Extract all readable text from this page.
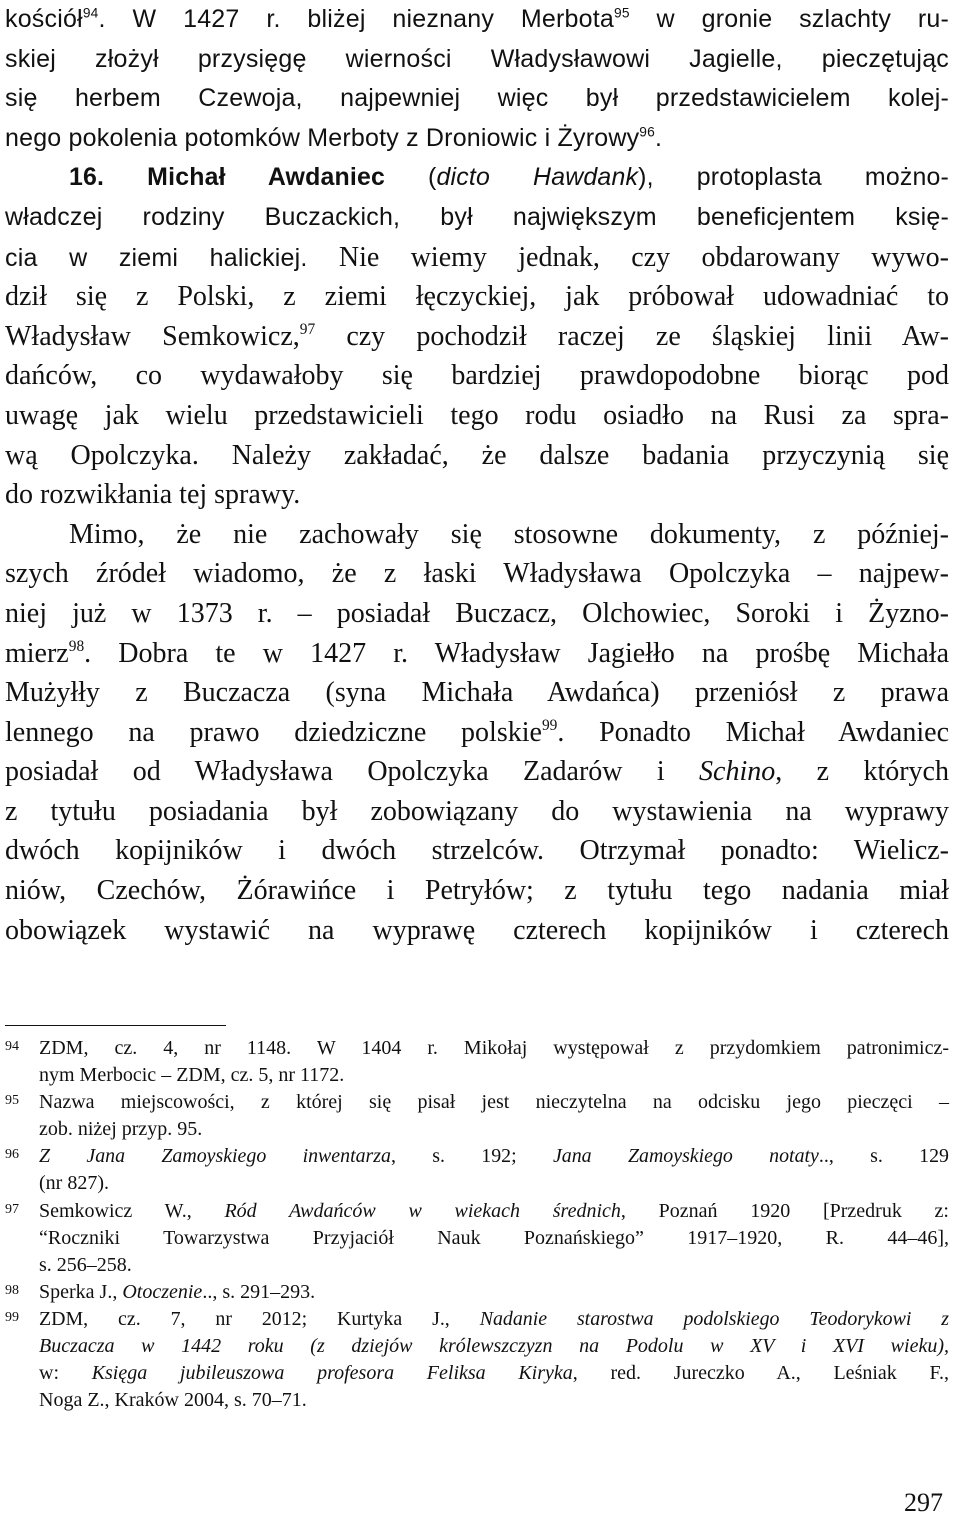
kościół$^{94}$. W 1427 r. bliżej nieznany Merbota$^{95}$ w gronie szlachty ru-
skiej złożył przysięgę wierności Władysławowi Jagielle, pieczętując
się herbem Czewoja, najpewniej więc był przedstawicielem kolej-
nego pokolenia potomków Merboty z Droniowic i Żyrowy$^{96}$.
16. Michał Awdaniec (dicto Hawdank), protoplasta możno-
władczej rodziny Buczackich, był największym beneficjentem księ-
cia w ziemi halickiej. Nie wiemy jednak, czy obdarowany wywo-
dził się z Polski, z ziemi łęczyckiej, jak próbował udowadniać to
Władysław Semkowicz,$^{97}$ czy pochodził raczej ze śląskiej linii Aw-
dańców, co wydawałoby się bardziej prawdopodobne biorąc pod
uwagę jak wielu przedstawicieli tego rodu osiadło na Rusi za spra-
wą Opolczyka. Należy zakładać, że dalsze badania przyczynią się
do rozwikłania tej sprawy.
Mimo, że nie zachowały się stosowne dokumenty, z później-
szych źródeł wiadomo, że z łaski Władysława Opolczyka – najpew-
niej już w 1373 r. – posiadał Buczacz, Olchowiec, Soroki i Żyzno-
mierz$^{98}$. Dobra te w 1427 r. Władysław Jagiełło na prośbę Michała
Mużyłły z Buczacza (syna Michała Awdańca) przeniósł z prawa
lennego na prawo dziedziczne polskie$^{99}$. Ponadto Michał Awdaniec
posiadał od Władysława Opolczyka Zadarów i Schino, z których
z tytułu posiadania był zobowiązany do wystawienia na wyprawy
dwóch kopijników i dwóch strzelców. Otrzymał ponadto: Wielicz-
niów, Czechów, Żórawińce i Petryłów; z tytułu tego nadania miał
obowiązek wystawić na wyprawę czterech kopijników i czterech
94 ZDM, cz. 4, nr 1148. W 1404 r. Mikołaj występował z przydomkiem patronimicz-
nym Merbocic – ZDM, cz. 5, nr 1172.
95 Nazwa miejscowości, z której się pisał jest nieczytelna na odcisku jego pieczęci –
zob. niżej przyp. 95.
96 Z Jana Zamoyskiego inwentarza, s. 192; Jana Zamoyskiego notaty.., s. 129
(nr 827).
97 Semkowicz W., Ród Awdańców w wiekach średnich, Poznań 1920 [Przedruk z:
“Roczniki Towarzystwa Przyjaciół Nauk Poznańskiego” 1917–1920, R. 44–46],
s. 256–258.
98 Sperka J., Otoczenie.., s. 291–293.
99 ZDM, cz. 7, nr 2012; Kurtyka J., Nadanie starostwa podolskiego Teodorykowi z
Buczacza w 1442 roku (z dziejów królewszczyzn na Podolu w XV i XVI wieku),
w: Księga jubileuszowa profesora Feliksa Kiryka, red. Jureczko A., Leśniak F.,
Noga Z., Kraków 2004, s. 70–71.
297
